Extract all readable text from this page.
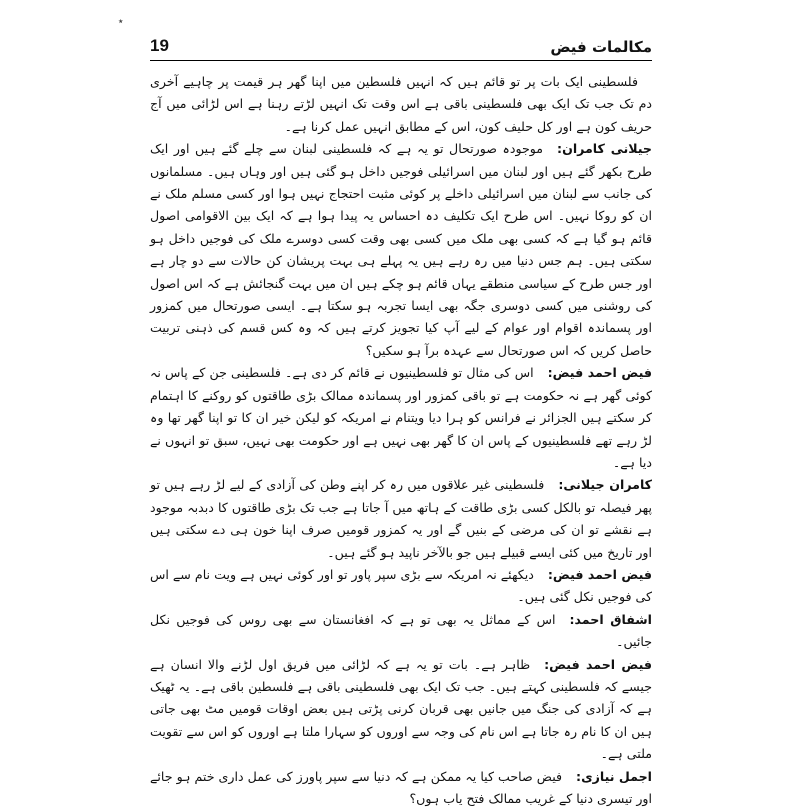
٭
19	مکالمات فیض

فلسطینی ایک بات پر تو قائم ہیں کہ انہیں فلسطین میں اپنا گھر ہر قیمت پر چاہیے آخری دم تک جب تک ایک بھی فلسطینی باقی ہے اس وقت تک انہیں لڑتے رہنا ہے اس لڑائی میں آج حریف کون ہے اور کل حلیف کون، اس کے مطابق انہیں عمل کرنا ہے۔

جیلانی کامران:موجودہ صورتحال تو یہ ہے کہ فلسطینی لبنان سے چلے گئے ہیں اور ایک طرح بکھر گئے ہیں اور لبنان میں اسرائیلی فوجیں داخل ہو گئی ہیں اور وہاں ہیں۔ مسلمانوں کی جانب سے لبنان میں اسرائیلی داخلے پر کوئی مثبت احتجاج نہیں ہوا اور کسی مسلم ملک نے ان کو روکا نہیں۔ اس طرح ایک تکلیف دہ احساس یہ پیدا ہوا ہے کہ ایک بین الاقوامی اصول قائم ہو گیا ہے کہ کسی بھی ملک میں کسی بھی وقت کسی دوسرے ملک کی فوجیں داخل ہو سکتی ہیں۔ ہم جس دنیا میں رہ رہے ہیں یہ پہلے ہی بہت پریشان کن حالات سے دو چار ہے اور جس طرح کے سیاسی منطقے یہاں قائم ہو چکے ہیں ان میں بہت گنجائش ہے کہ اس اصول کی روشنی میں کسی دوسری جگہ بھی ایسا تجربہ ہو سکتا ہے۔ ایسی صورتحال میں کمزور اور پسماندہ اقوام اور عوام کے لیے آپ کیا تجویز کرتے ہیں کہ وہ کس قسم کی ذہنی تربیت حاصل کریں کہ اس صورتحال سے عہدہ برآ ہو سکیں؟

فیض احمد فیض:اس کی مثال تو فلسطینیوں نے قائم کر دی ہے۔ فلسطینی جن کے پاس نہ کوئی گھر ہے نہ حکومت ہے تو باقی کمزور اور پسماندہ ممالک بڑی طاقتوں کو روکنے کا اہتمام کر سکتے ہیں الجزائر نے فرانس کو ہرا دیا ویتنام نے امریکہ کو لیکن خیر ان کا تو اپنا گھر تھا وہ لڑ رہے تھے فلسطینیوں کے پاس ان کا گھر بھی نہیں ہے اور حکومت بھی نہیں، سبق تو انہوں نے دیا ہے۔

کامران جیلانی:فلسطینی غیر علاقوں میں رہ کر اپنے وطن کی آزادی کے لیے لڑ رہے ہیں تو پھر فیصلہ تو بالکل کسی بڑی طاقت کے ہاتھ میں آ جاتا ہے جب تک بڑی طاقتوں کا دبدبہ موجود ہے نقشے تو ان کی مرضی کے بنیں گے اور یہ کمزور قومیں صرف اپنا خون ہی دے سکتی ہیں اور تاریخ میں کئی ایسے قبیلے ہیں جو بالآخر ناپید ہو گئے ہیں۔

فیض احمد فیض:دیکھئے نہ امریکہ سے بڑی سپر پاور تو اور کوئی نہیں ہے ویت نام سے اس کی فوجیں نکل گئی ہیں۔

اشفاق احمد:اس کے مماثل یہ بھی تو ہے کہ افغانستان سے بھی روس کی فوجیں نکل جائیں۔

فیض احمد فیض:ظاہر ہے۔ بات تو یہ ہے کہ لڑائی میں فریق اول لڑنے والا انسان ہے جیسے کہ فلسطینی کہتے ہیں۔ جب تک ایک بھی فلسطینی باقی ہے فلسطین باقی ہے۔ یہ ٹھیک ہے کہ آزادی کی جنگ میں جانیں بھی قربان کرنی پڑتی ہیں بعض اوقات قومیں مٹ بھی جاتی ہیں ان کا نام رہ جاتا ہے اس نام کی وجہ سے اوروں کو سہارا ملتا ہے اوروں کو اس سے تقویت ملتی ہے۔

اجمل نیازی:فیض صاحب کیا یہ ممکن ہے کہ دنیا سے سپر پاورز کی عمل داری ختم ہو جائے اور تیسری دنیا کے غریب ممالک فتح یاب ہوں؟
